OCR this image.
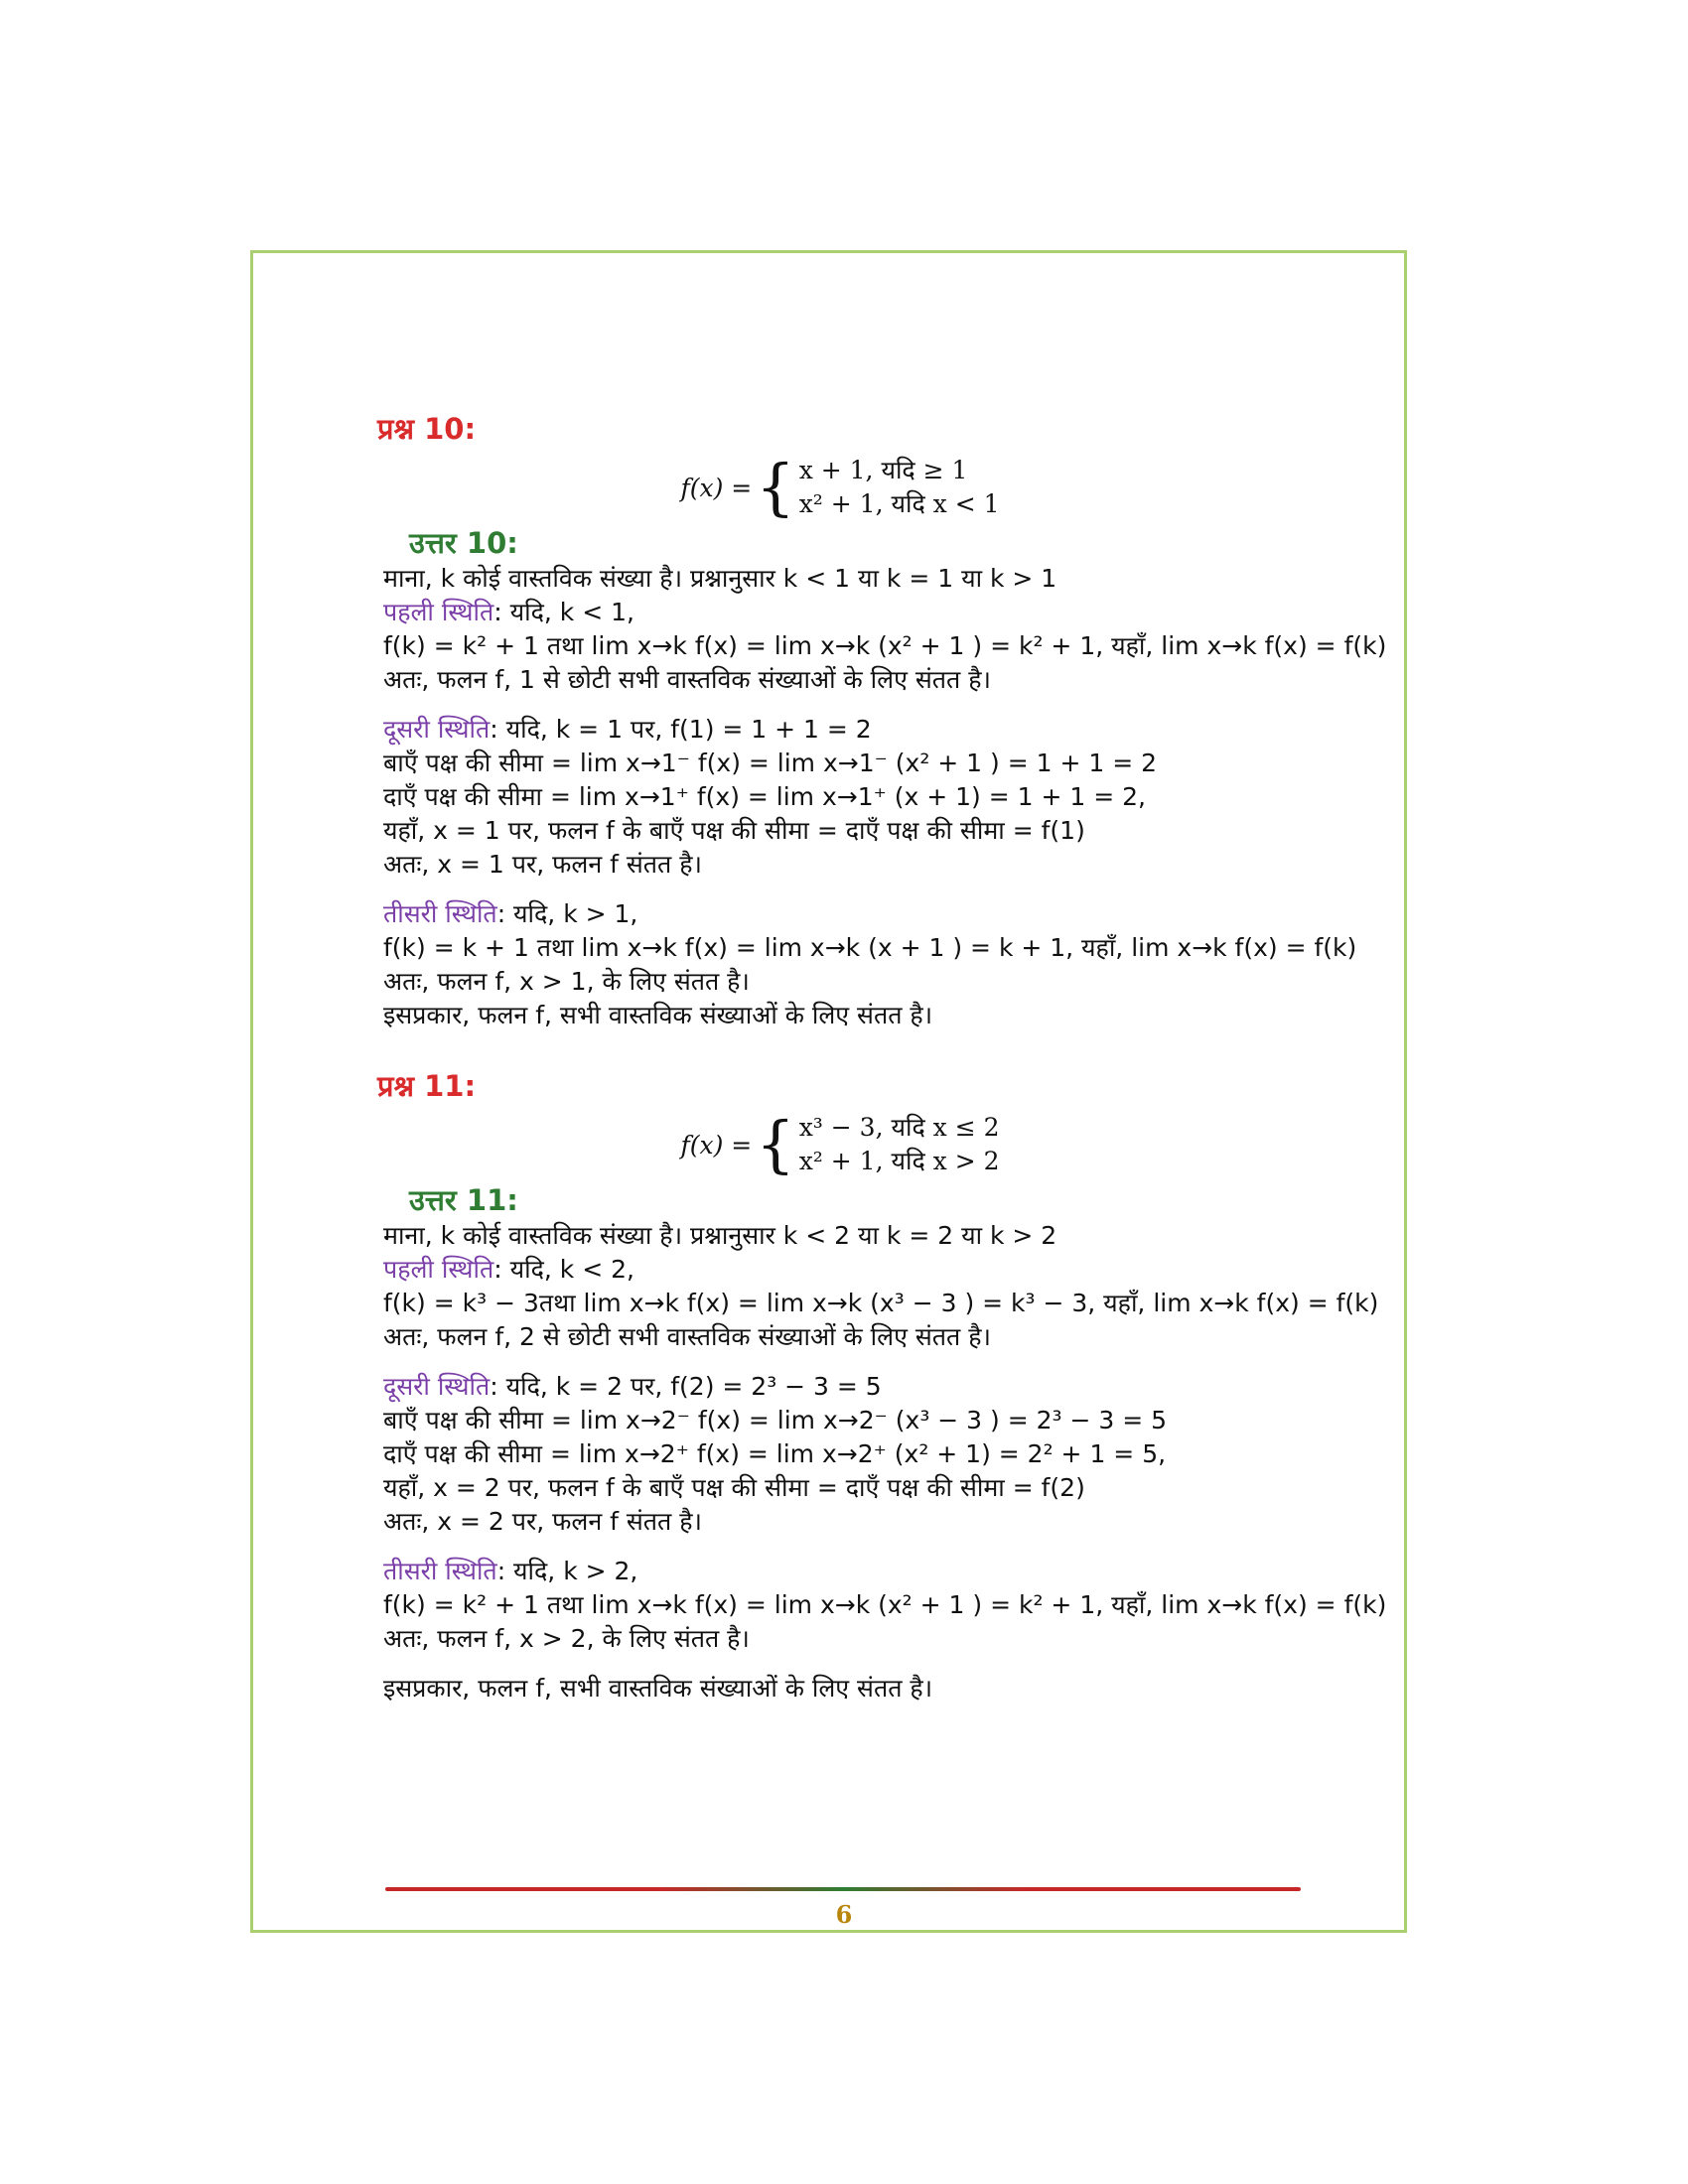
प्रश्न 10:
f(x) = { x + 1, यदि ≥ 1
x² + 1, यदि x < 1
उत्तर 10:
माना, k कोई वास्तविक संख्या है। प्रश्नानुसार k < 1 या k = 1 या k > 1
पहली स्थिति: यदि, k < 1,
f(k) = k² + 1 तथा lim x→k f(x) = lim x→k (x² + 1 ) = k² + 1, यहाँ, lim x→k f(x) = f(k)
अतः, फलन f, 1 से छोटी सभी वास्तविक संख्याओं के लिए संतत है।
दूसरी स्थिति: यदि, k = 1 पर, f(1) = 1 + 1 = 2
बाएँ पक्ष की सीमा = lim x→1⁻ f(x) = lim x→1⁻ (x² + 1 ) = 1 + 1 = 2
दाएँ पक्ष की सीमा = lim x→1⁺ f(x) = lim x→1⁺ (x + 1) = 1 + 1 = 2,
यहाँ, x = 1 पर, फलन f के बाएँ पक्ष की सीमा = दाएँ पक्ष की सीमा = f(1)
अतः, x = 1 पर, फलन f संतत है।
तीसरी स्थिति: यदि, k > 1,
f(k) = k + 1 तथा lim x→k f(x) = lim x→k (x + 1 ) = k + 1, यहाँ, lim x→k f(x) = f(k)
अतः, फलन f, x > 1, के लिए संतत है।
इसप्रकार, फलन f, सभी वास्तविक संख्याओं के लिए संतत है।
प्रश्न 11:
f(x) = { x³ − 3, यदि x ≤ 2
x² + 1, यदि x > 2
उत्तर 11:
माना, k कोई वास्तविक संख्या है। प्रश्नानुसार k < 2 या k = 2 या k > 2
पहली स्थिति: यदि, k < 2,
f(k) = k³ − 3तथा lim x→k f(x) = lim x→k (x³ − 3 ) = k³ − 3, यहाँ, lim x→k f(x) = f(k)
अतः, फलन f, 2 से छोटी सभी वास्तविक संख्याओं के लिए संतत है।
दूसरी स्थिति: यदि, k = 2 पर, f(2) = 2³ − 3 = 5
बाएँ पक्ष की सीमा = lim x→2⁻ f(x) = lim x→2⁻ (x³ − 3 ) = 2³ − 3 = 5
दाएँ पक्ष की सीमा = lim x→2⁺ f(x) = lim x→2⁺ (x² + 1) = 2² + 1 = 5,
यहाँ, x = 2 पर, फलन f के बाएँ पक्ष की सीमा = दाएँ पक्ष की सीमा = f(2)
अतः, x = 2 पर, फलन f संतत है।
तीसरी स्थिति: यदि, k > 2,
f(k) = k² + 1 तथा lim x→k f(x) = lim x→k (x² + 1 ) = k² + 1, यहाँ, lim x→k f(x) = f(k)
अतः, फलन f, x > 2, के लिए संतत है।
इसप्रकार, फलन f, सभी वास्तविक संख्याओं के लिए संतत है।
6
